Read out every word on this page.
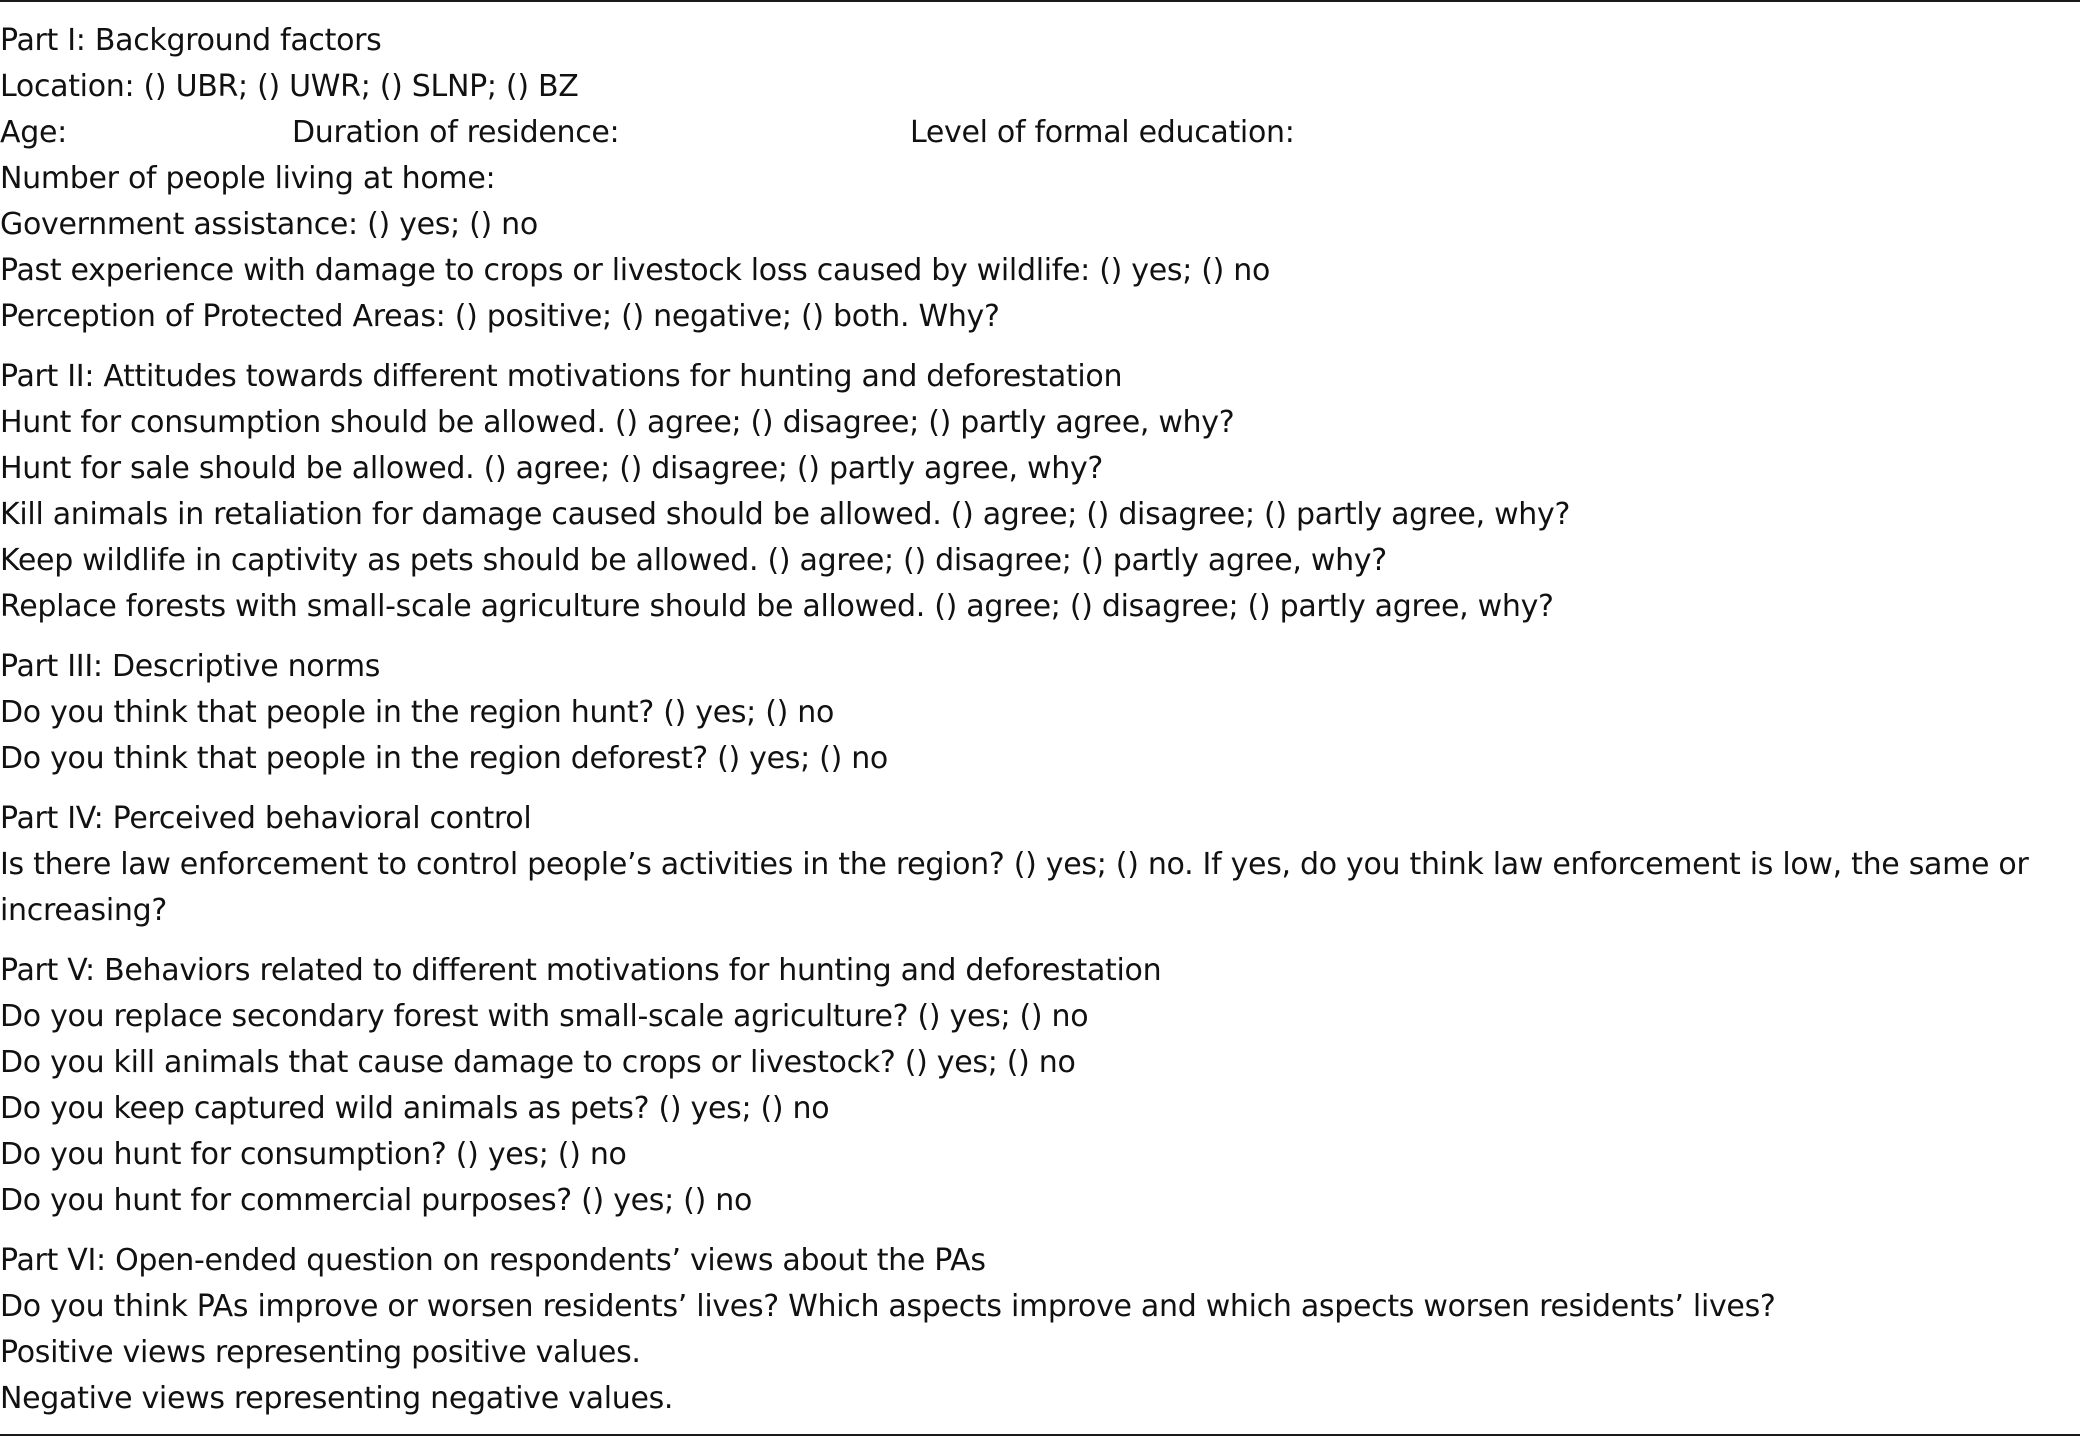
Part I: Background factors
Location: () UBR; () UWR; () SLNP; () BZ
Age:	Duration of residence:	Level of formal education:
Number of people living at home:
Government assistance: () yes; () no
Past experience with damage to crops or livestock loss caused by wildlife: () yes; () no
Perception of Protected Areas: () positive; () negative; () both. Why?
Part II: Attitudes towards different motivations for hunting and deforestation
Hunt for consumption should be allowed. () agree; () disagree; () partly agree, why?
Hunt for sale should be allowed. () agree; () disagree; () partly agree, why?
Kill animals in retaliation for damage caused should be allowed. () agree; () disagree; () partly agree, why?
Keep wildlife in captivity as pets should be allowed. () agree; () disagree; () partly agree, why?
Replace forests with small-scale agriculture should be allowed. () agree; () disagree; () partly agree, why?
Part III: Descriptive norms
Do you think that people in the region hunt? () yes; () no
Do you think that people in the region deforest? () yes; () no
Part IV: Perceived behavioral control
Is there law enforcement to control people’s activities in the region? () yes; () no. If yes, do you think law enforcement is low, the same or
increasing?
Part V: Behaviors related to different motivations for hunting and deforestation
Do you replace secondary forest with small-scale agriculture? () yes; () no
Do you kill animals that cause damage to crops or livestock? () yes; () no
Do you keep captured wild animals as pets? () yes; () no
Do you hunt for consumption? () yes; () no
Do you hunt for commercial purposes? () yes; () no
Part VI: Open-ended question on respondents’ views about the PAs
Do you think PAs improve or worsen residents’ lives? Which aspects improve and which aspects worsen residents’ lives?
Positive views representing positive values.
Negative views representing negative values.
